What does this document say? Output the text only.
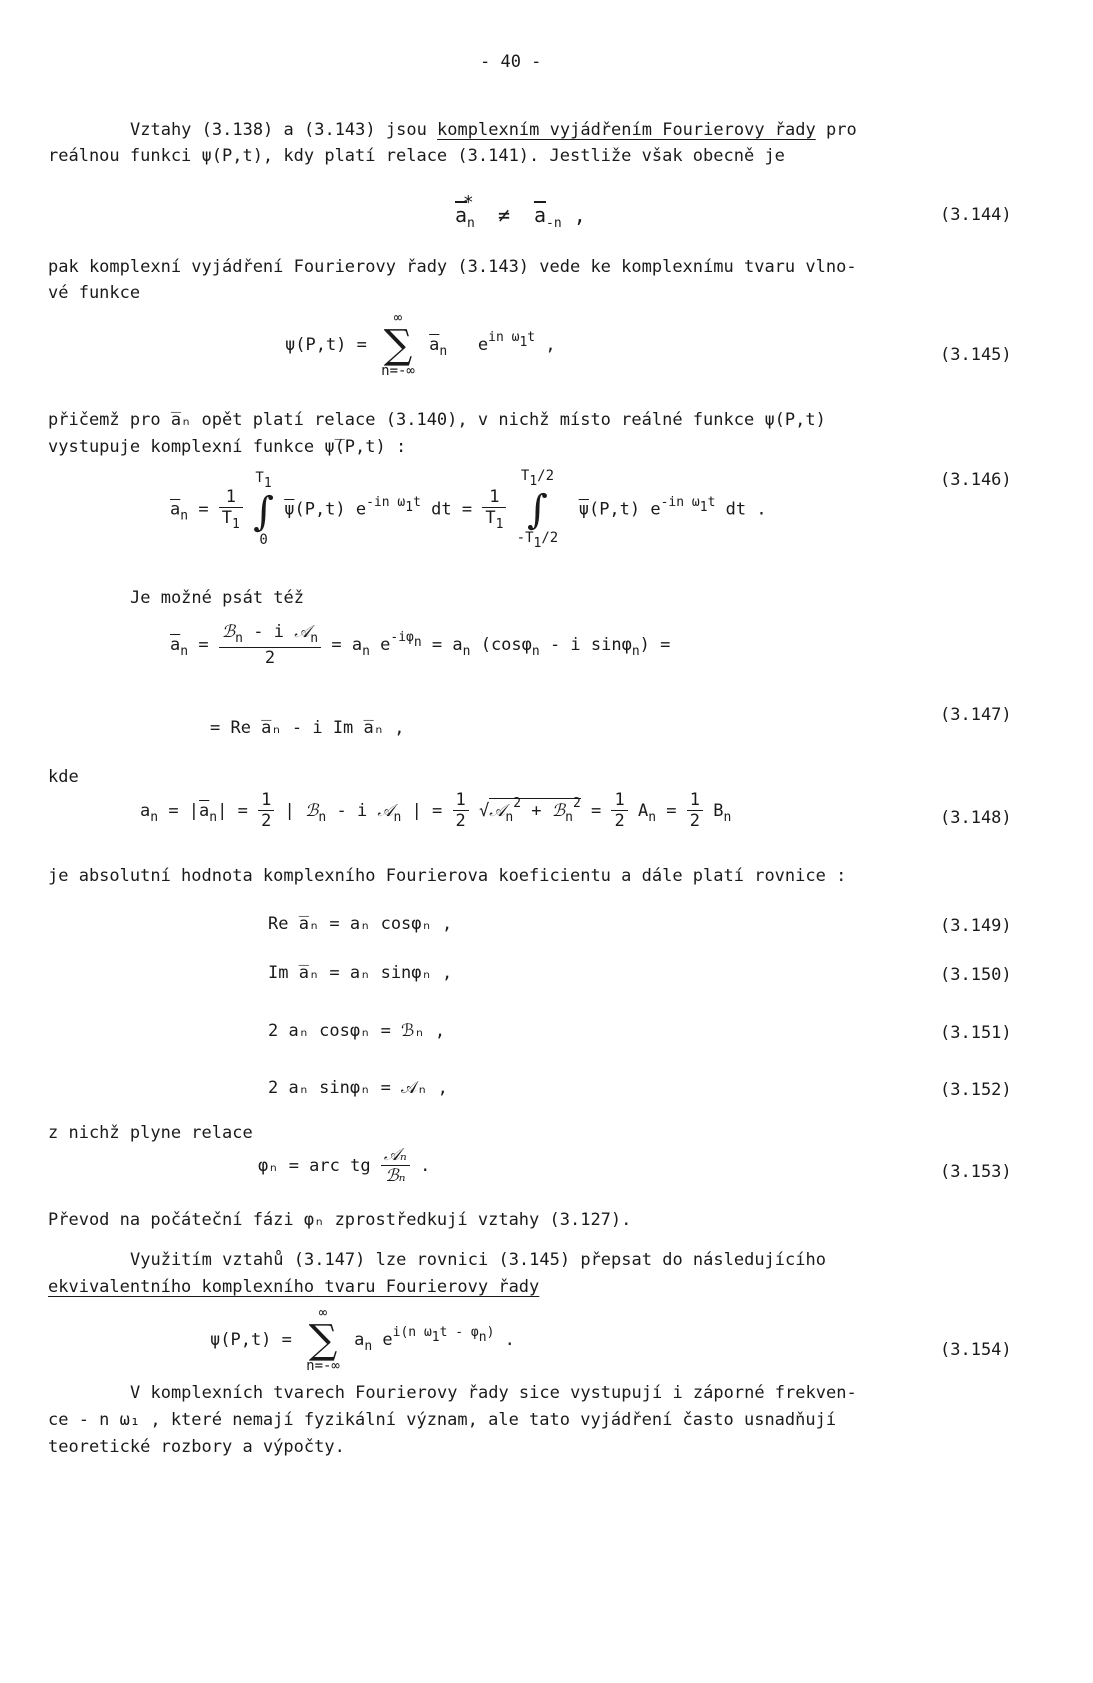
- 40 -
Vztahy (3.138) a (3.143) jsou komplexním vyjádřením Fourierovy řady pro
reálnou funkci ψ(P,t), kdy platí relace (3.141). Jestliže však obecně je
$\overline{a}_n^* \ne \overline{a}_{-n}$ ,	(3.144)
pak komplexní vyjádření Fourierovy řady (3.143) vede ke komplexnímu tvaru vlno-
vé funkce
ψ(P,t) =
∞
∑
n=-∞
$\overline{a}_n$   $e^{in \omega_1t}$ ,
(3.145)
přičemž pro a̅ₙ opět platí relace (3.140), v nichž místo reálné funkce ψ(P,t)
vystupuje komplexní funkce ψ̅(P,t) :
$\overline{a}_n = \frac{1}{T_1}$

$T_1$
∫
0
$\overline{\psi}(P,t)$ $e^{-in \omega_1t}$ dt = $\frac{1}{T_1}$

$T_1/2$
∫
$-T_1/2$
$\overline{\psi}(P,t)$ $e^{-in \omega_1t}$ dt .
(3.146)
Je možné psát též
$\overline{a}_n = \frac{ℬ_n - i 𝒜_n}{2} = a_n$ $e^{-i\varphi_n} = a_n$ (cosφ$_n$ - i sinφ$_n$) =
= Re a̅ₙ - i Im a̅ₙ ,
(3.147)
kde
$a_n = |\overline{a}_n| = \frac{1}{2}$ | ℬ$_n$ - i 𝒜$_n$ | = $\frac{1}{2}$ √𝒜$_n^2$ + ℬ$_n^2$ = $\frac{1}{2} A_n = \frac{1}{2} B_n$	(3.148)
je absolutní hodnota komplexního Fourierova koeficientu a dále platí rovnice :
Re a̅ₙ = aₙ cosφₙ ,	(3.149)
Im a̅ₙ = aₙ sinφₙ ,	(3.150)
2 aₙ cosφₙ = ℬₙ ,	(3.151)
2 aₙ sinφₙ = 𝒜ₙ ,	(3.152)
z nichž plyne relace
φₙ = arc tg $\frac{\text{𝒜ₙ}}{\text{ℬₙ}}$ .	(3.153)
Převod na počáteční fázi φₙ zprostředkují vztahy (3.127).
Využitím vztahů (3.147) lze rovnici (3.145) přepsat do následujícího
ekvivalentního komplexního tvaru Fourierovy řady
ψ(P,t) =
∞
∑
n=-∞
$a_n$ $e^{i(n \omega_1t - \varphi_n)}$ .
(3.154)
V komplexních tvarech Fourierovy řady sice vystupují i záporné frekven-
ce - n ω₁ , které nemají fyzikální význam, ale tato vyjádření často usnadňují
teoretické rozbory a výpočty.
